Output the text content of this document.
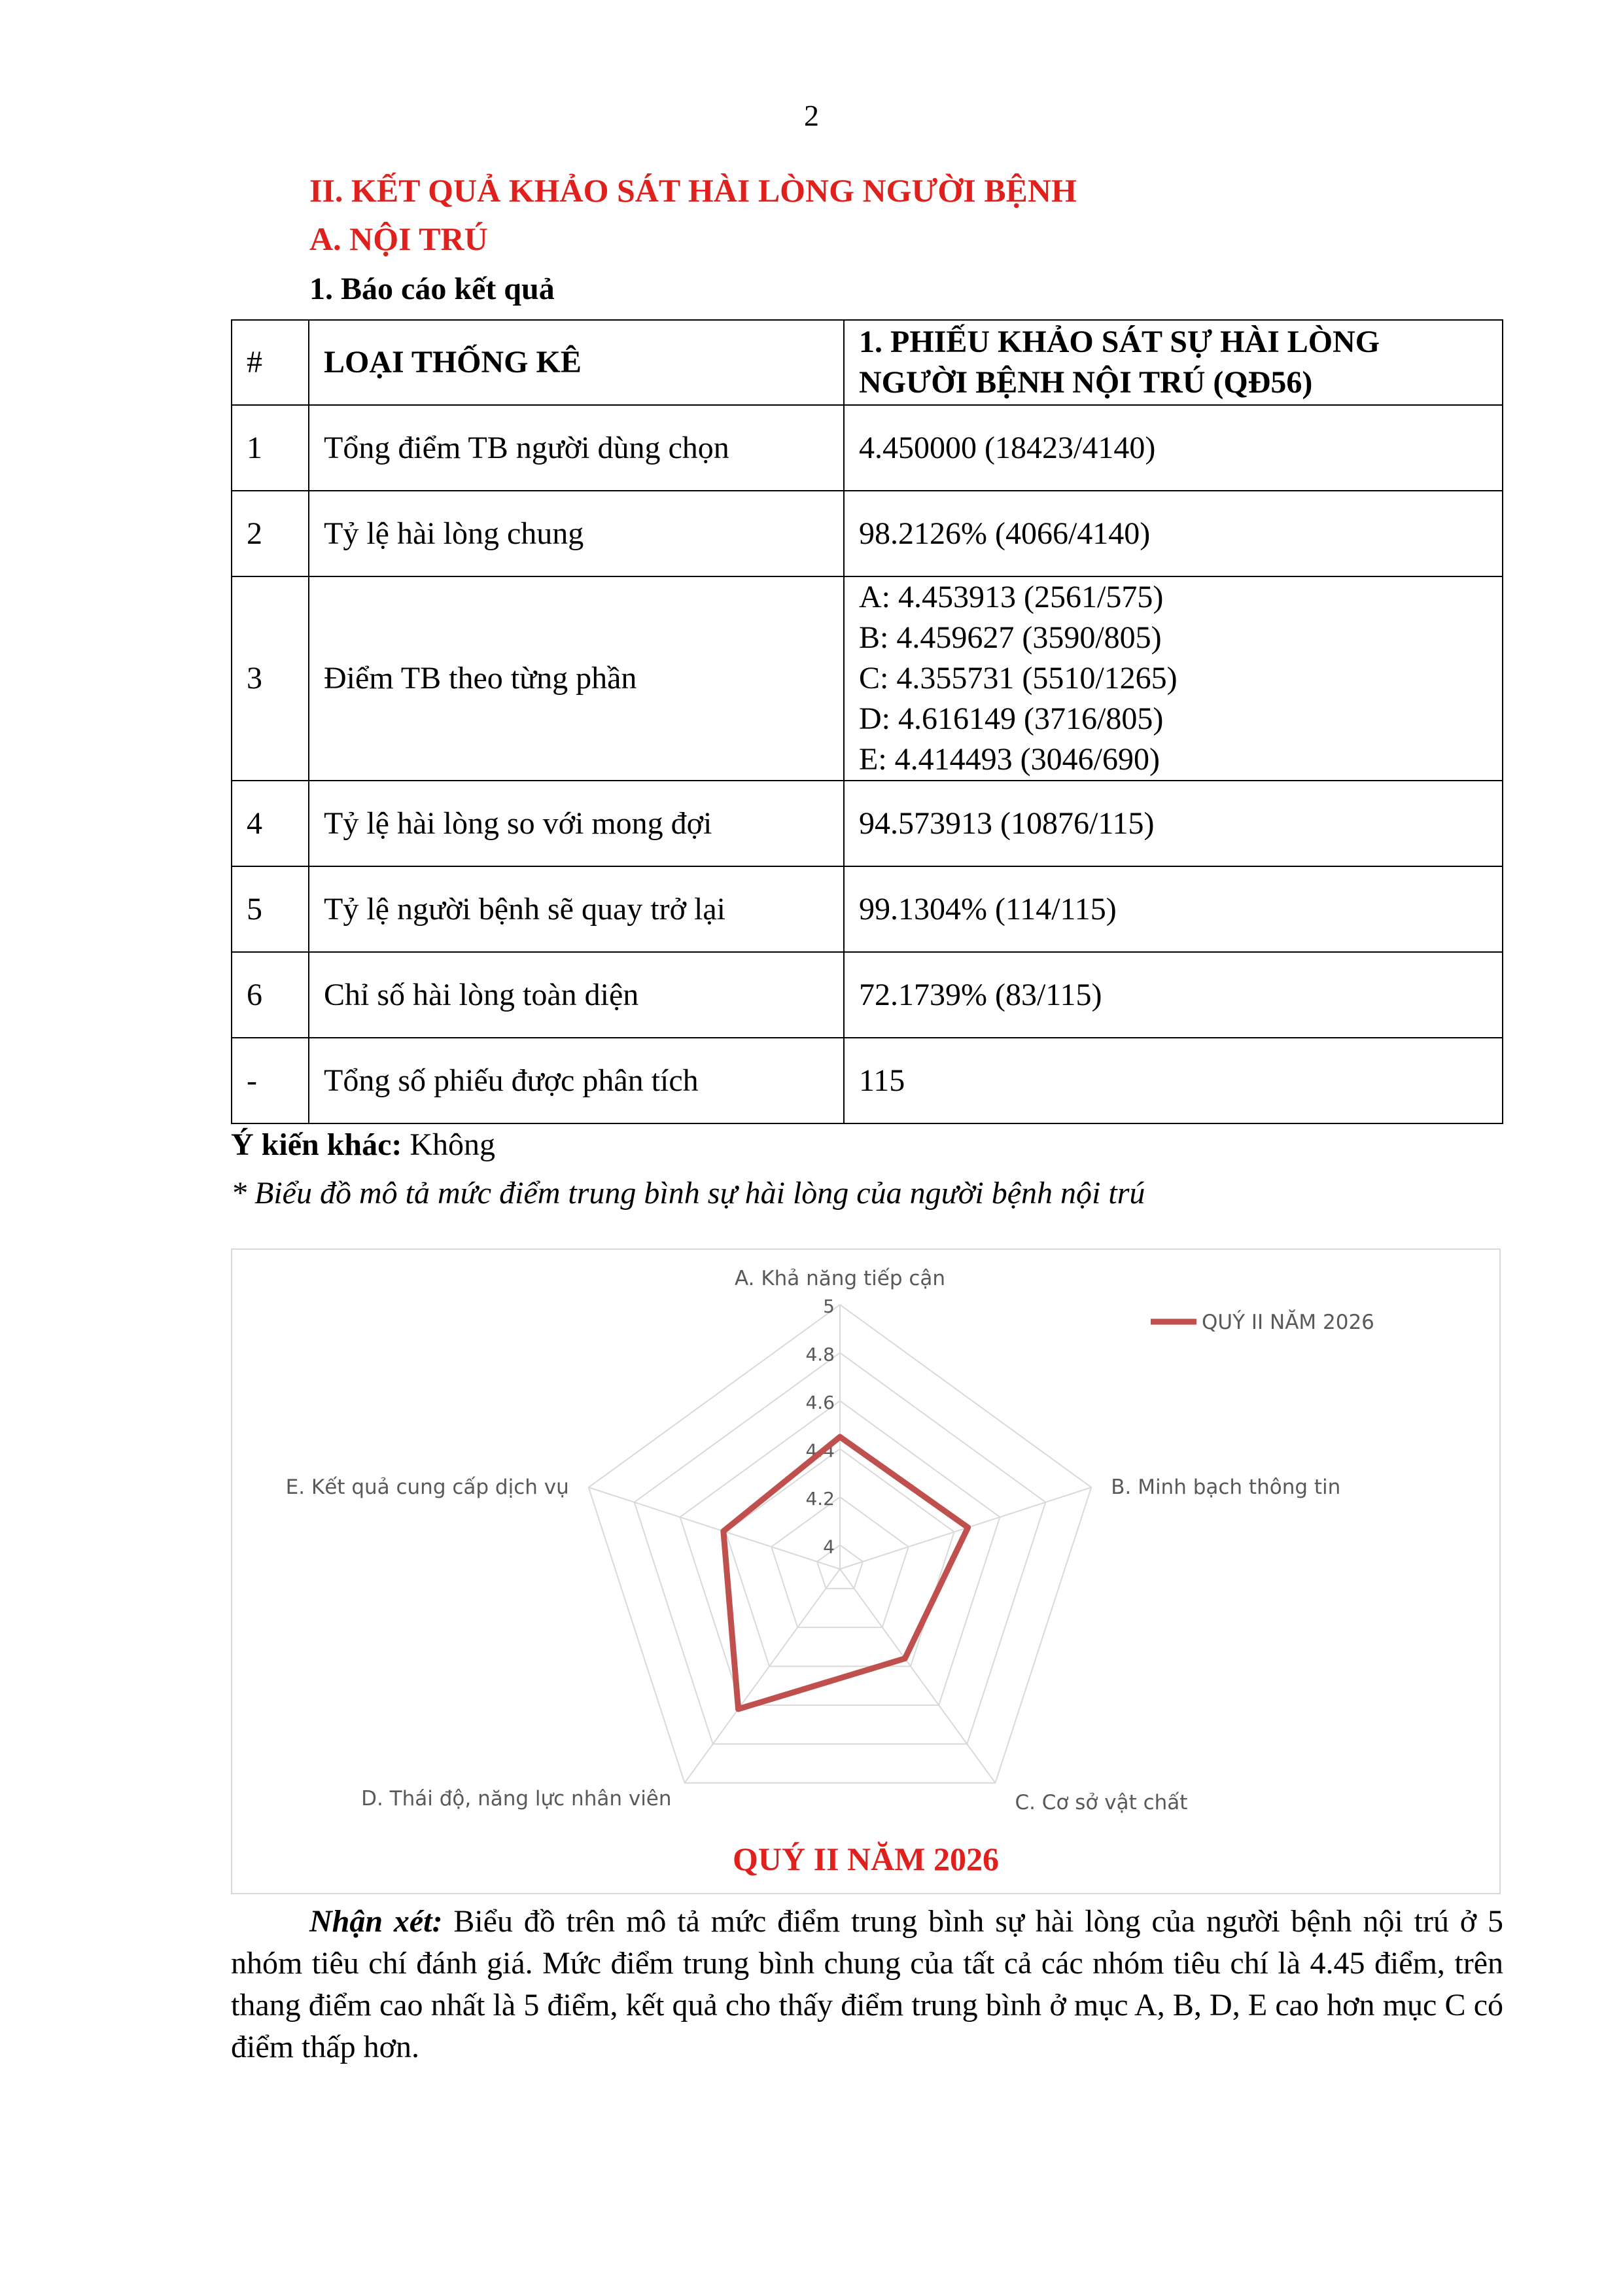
2
II. KẾT QUẢ KHẢO SÁT HÀI LÒNG NGƯỜI BỆNH
A. NỘI TRÚ
1. Báo cáo kết quả
#	LOẠI THỐNG KÊ	1. PHIẾU KHẢO SÁT SỰ HÀI LÒNG
NGƯỜI BỆNH NỘI TRÚ (QĐ56)

1	Tổng điểm TB người dùng chọn	4.450000 (18423/4140)
2	Tỷ lệ hài lòng chung	98.2126% (4066/4140)
3	Điểm TB theo từng phần	A: 4.453913 (2561/575)
B: 4.459627 (3590/805)
C: 4.355731 (5510/1265)
D: 4.616149 (3716/805)
E: 4.414493 (3046/690)

4	Tỷ lệ hài lòng so với mong đợi	94.573913 (10876/115)
5	Tỷ lệ người bệnh sẽ quay trở lại	99.1304% (114/115)
6	Chỉ số hài lòng toàn diện	72.1739% (83/115)
-	Tổng số phiếu được phân tích	115
Ý kiến khác: Không
* Biểu đồ mô tả mức điểm trung bình sự hài lòng của người bệnh nội trú
4
4.2
4.4
4.6
4.8
5
A. Khả năng tiếp cận
B. Minh bạch thông tin
C. Cơ sở vật chất
D. Thái độ, năng lực nhân viên
E. Kết quả cung cấp dịch vụ
QUÝ II NĂM 2026
QUÝ II NĂM 2026
Nhận xét: Biểu đồ trên mô tả mức điểm trung bình sự hài lòng của người bệnh nội trú ở 5 nhóm tiêu chí đánh giá. Mức điểm trung bình chung của tất cả các nhóm tiêu chí là 4.45 điểm, trên thang điểm cao nhất là 5 điểm, kết quả cho thấy điểm trung bình ở mục A, B, D, E cao hơn mục C có điểm thấp hơn.
